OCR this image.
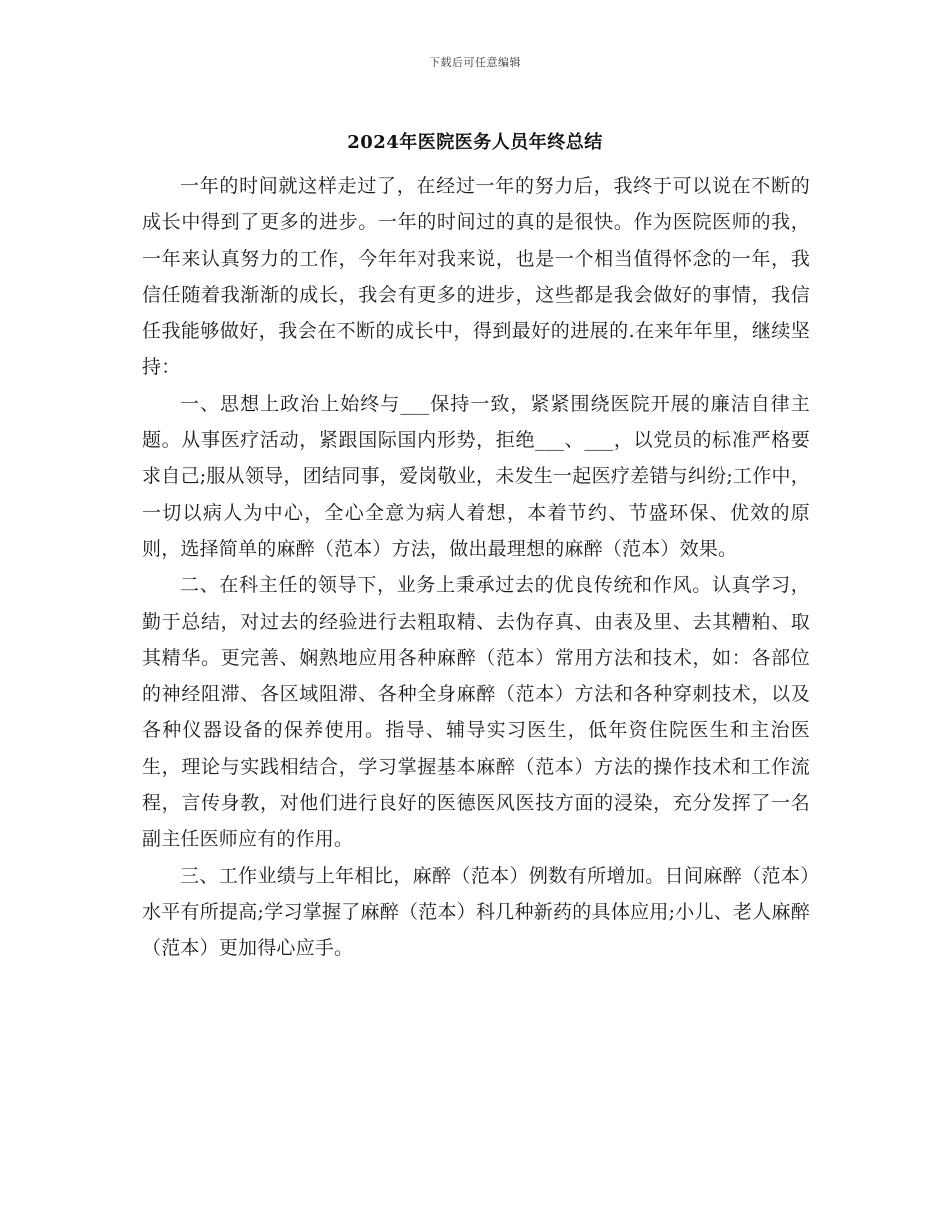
下载后可任意编辑
2024年医院医务人员年终总结

一年的时间就这样走过了，在经过一年的努力后，我终于可以说在不断的成长中得到了更多的进步。一年的时间过的真的是很快。作为医院医师的我，一年来认真努力的工作，今年年对我来说，也是一个相当值得怀念的一年，我信任随着我渐渐的成长，我会有更多的进步，这些都是我会做好的事情，我信任我能够做好，我会在不断的成长中，得到最好的进展的.在来年年里，继续坚持：

一、思想上政治上始终与___保持一致，紧紧围绕医院开展的廉洁自律主题。从事医疗活动，紧跟国际国内形势，拒绝___、___，以党员的标准严格要求自己;服从领导，团结同事，爱岗敬业，未发生一起医疗差错与纠纷;工作中，一切以病人为中心，全心全意为病人着想，本着节约、节盛环保、优效的原则，选择简单的麻醉（范本）方法，做出最理想的麻醉（范本）效果。

二、在科主任的领导下，业务上秉承过去的优良传统和作风。认真学习，勤于总结，对过去的经验进行去粗取精、去伪存真、由表及里、去其糟粕、取其精华。更完善、娴熟地应用各种麻醉（范本）常用方法和技术，如：各部位的神经阻滞、各区域阻滞、各种全身麻醉（范本）方法和各种穿刺技术，以及各种仪器设备的保养使用。指导、辅导实习医生，低年资住院医生和主治医生，理论与实践相结合，学习掌握基本麻醉（范本）方法的操作技术和工作流程，言传身教，对他们进行良好的医德医风医技方面的浸染，充分发挥了一名副主任医师应有的作用。

三、工作业绩与上年相比，麻醉（范本）例数有所增加。日间麻醉（范本）水平有所提高;学习掌握了麻醉（范本）科几种新药的具体应用;小儿、老人麻醉（范本）更加得心应手。
